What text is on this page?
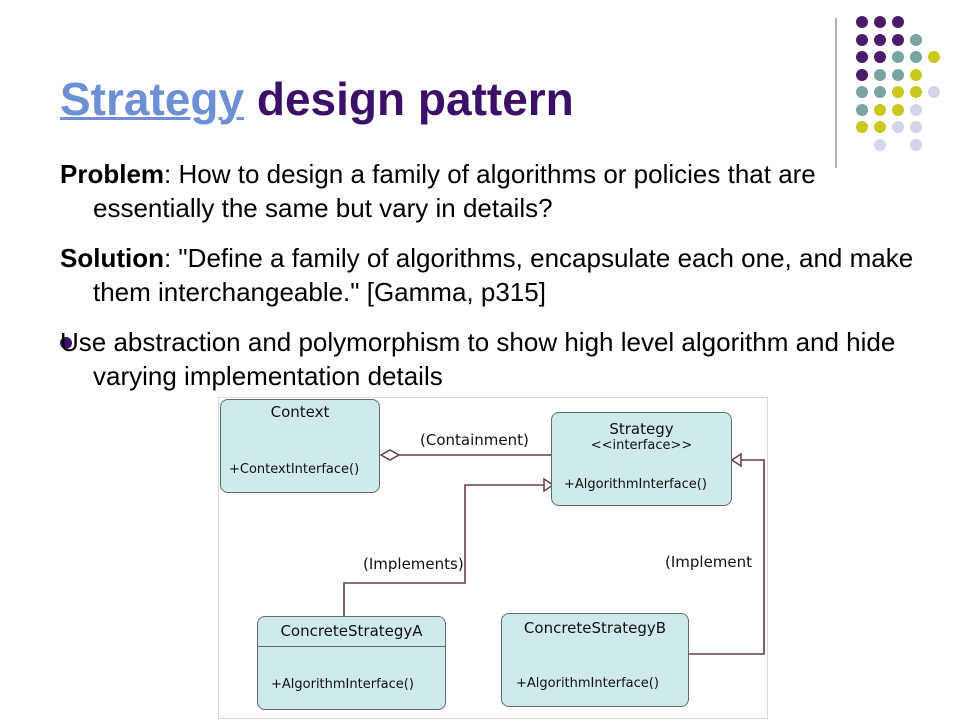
Strategy design pattern

Problem: How to design a family of algorithms or policies that are essentially the same but vary in details?

Solution: "Define a family of algorithms, encapsulate each one, and make them interchangeable." [Gamma, p315]

Use abstraction and polymorphism to show high level algorithm and hide varying implementation details

Context
+ContextInterface()
Strategy
<<interface>>
+AlgorithmInterface()
ConcreteStrategyA
+AlgorithmInterface()
ConcreteStrategyB
+AlgorithmInterface()
(Containment)
(Implements)	(Implement
